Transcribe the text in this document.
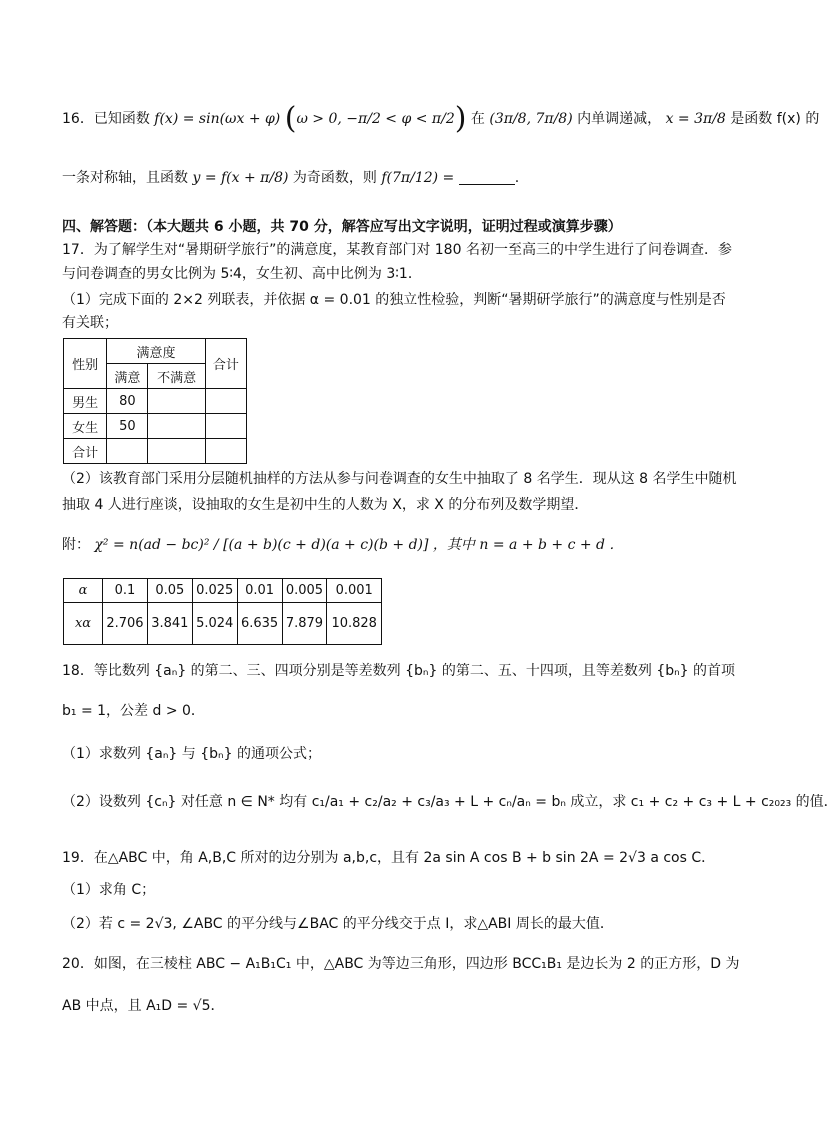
16．已知函数 f(x) = sin(ωx + φ) (ω > 0, −π/2 < φ < π/2) 在 (3π/8, 7π/8) 内单调递减， x = 3π/8 是函数 f(x) 的
一条对称轴，且函数 y = f(x + π/8) 为奇函数，则 f(7π/12) =	.
四、解答题：（本大题共 6 小题，共 70 分，解答应写出文字说明，证明过程或演算步骤）
17．为了解学生对“暑期研学旅行”的满意度，某教育部门对 180 名初一至高三的中学生进行了问卷调查．参
与问卷调查的男女比例为 5∶4，女生初、高中比例为 3∶1．
（1）完成下面的 2×2 列联表，并依据 α = 0.01 的独立性检验，判断“暑期研学旅行”的满意度与性别是否
有关联；
性别	满意度		合计
	满意	不满意	
男生	80		
女生	50		
合计			
（2）该教育部门采用分层随机抽样的方法从参与问卷调查的女生中抽取了 8 名学生．现从这 8 名学生中随机
抽取 4 人进行座谈，设抽取的女生是初中生的人数为 X，求 X 的分布列及数学期望．
附： χ² = n(ad − bc)² / [(a + b)(c + d)(a + c)(b + d)] ，其中 n = a + b + c + d ．
α	0.1	0.05	0.025	0.01	0.005	0.001
xα	2.706	3.841	5.024	6.635	7.879	10.828
18．等比数列 {aₙ} 的第二、三、四项分别是等差数列 {bₙ} 的第二、五、十四项，且等差数列 {bₙ} 的首项
b₁ = 1，公差 d > 0．
（1）求数列 {aₙ} 与 {bₙ} 的通项公式；
（2）设数列 {cₙ} 对任意 n ∈ N* 均有 c₁/a₁ + c₂/a₂ + c₃/a₃ + L + cₙ/aₙ = bₙ 成立，求 c₁ + c₂ + c₃ + L + c₂₀₂₃ 的值．
19．在△ABC 中，角 A,B,C 所对的边分别为 a,b,c，且有 2a sin A cos B + b sin 2A = 2√3 a cos C．
（1）求角 C；
（2）若 c = 2√3, ∠ABC 的平分线与∠BAC 的平分线交于点 I，求△ABI 周长的最大值．
20．如图，在三棱柱 ABC − A₁B₁C₁ 中，△ABC 为等边三角形，四边形 BCC₁B₁ 是边长为 2 的正方形，D 为
AB 中点，且 A₁D = √5．
